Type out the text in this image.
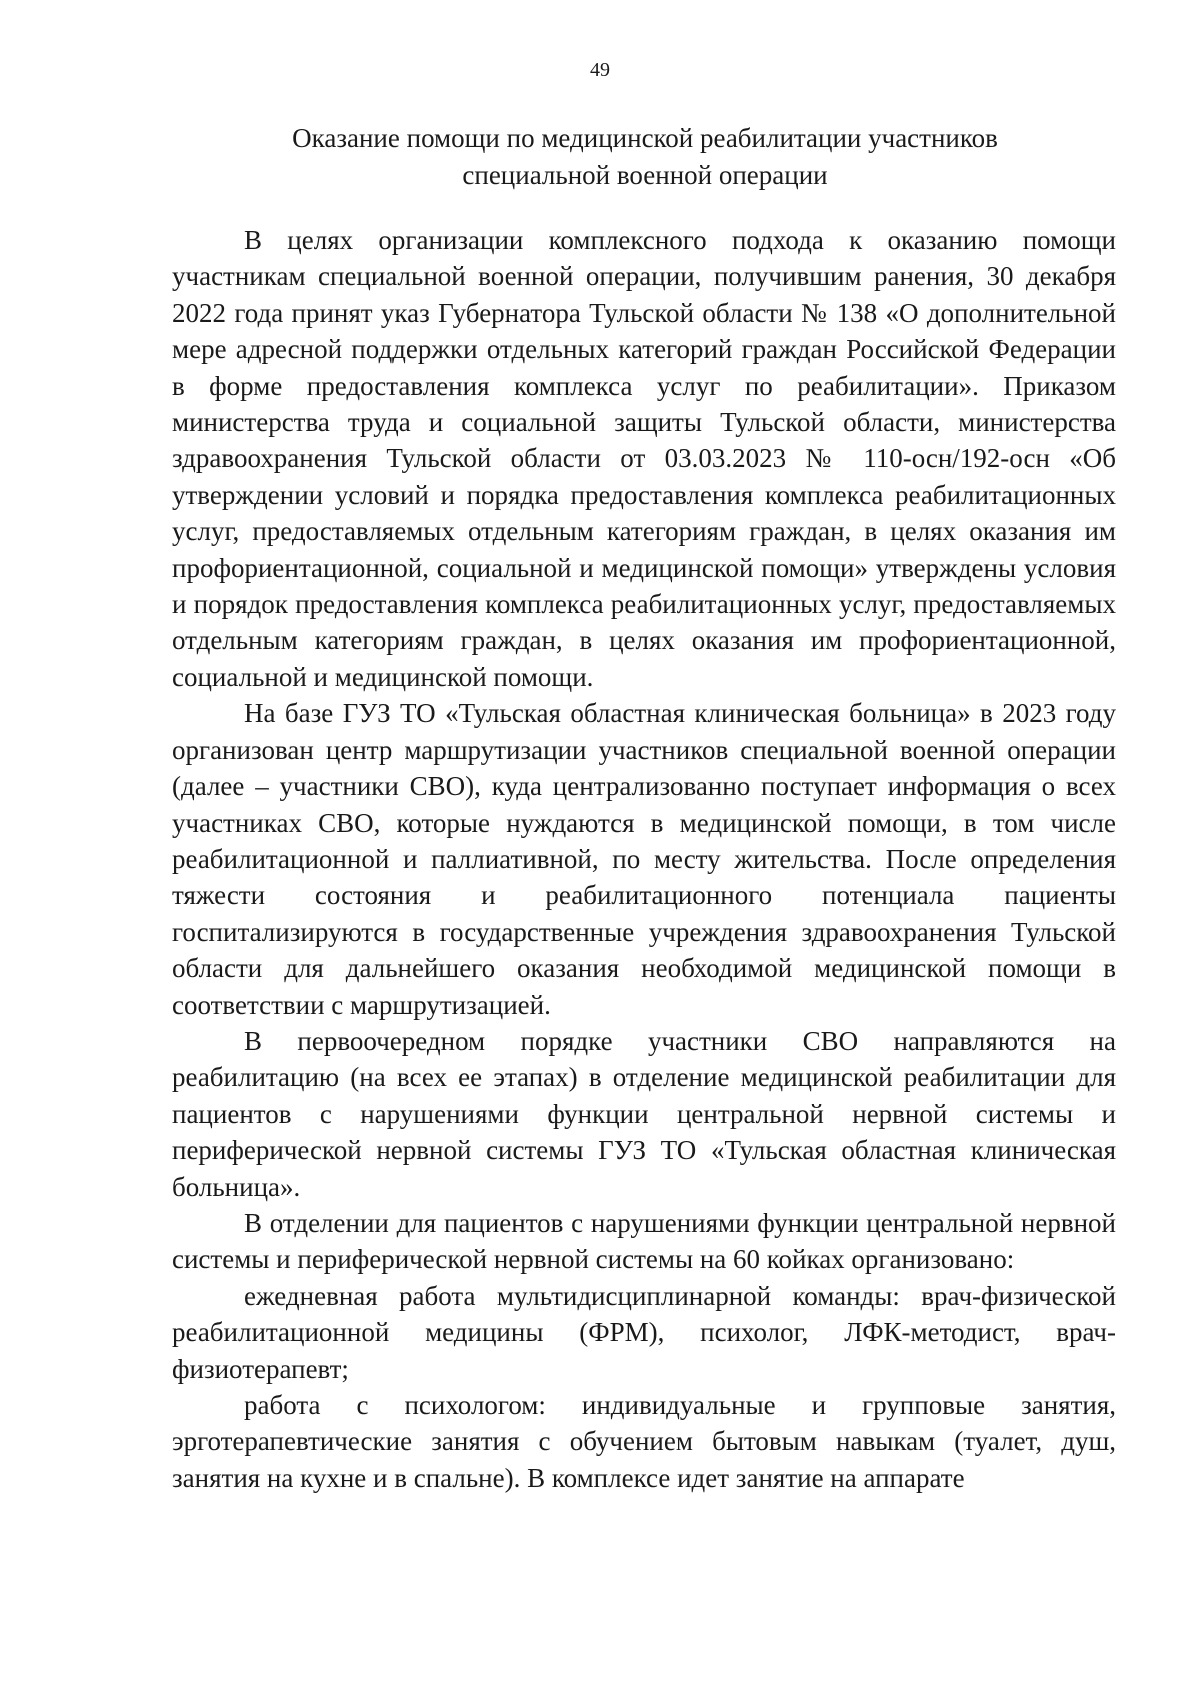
49
Оказание помощи по медицинской реабилитации участников
специальной военной операции

В целях организации комплексного подхода к оказанию помощи участникам специальной военной операции, получившим ранения, 30 декабря 2022 года принят указ Губернатора Тульской области № 138 «О дополнительной мере адресной поддержки отдельных категорий граждан Российской Федерации в форме предоставления комплекса услуг по реабилитации». Приказом министерства труда и социальной защиты Тульской области, министерства здравоохранения Тульской области от 03.03.2023 № 110-осн/192-осн «Об утверждении условий и порядка предоставления комплекса реабилитационных услуг, предоставляемых отдельным категориям граждан, в целях оказания им профориентационной, социальной и медицинской помощи» утверждены условия и порядок предоставления комплекса реабилитационных услуг, предоставляемых отдельным категориям граждан, в целях оказания им профориентационной, социальной и медицинской помощи.

На базе ГУЗ ТО «Тульская областная клиническая больница» в 2023 году организован центр маршрутизации участников специальной военной операции (далее – участники СВО), куда централизованно поступает информация о всех участниках СВО, которые нуждаются в медицинской помощи, в том числе реабилитационной и паллиативной, по месту жительства. После определения тяжести состояния и реабилитационного потенциала пациенты госпитализируются в государственные учреждения здравоохранения Тульской области для дальнейшего оказания необходимой медицинской помощи в соответствии с маршрутизацией.

В первоочередном порядке участники СВО направляются на реабилитацию (на всех ее этапах) в отделение медицинской реабилитации для пациентов с нарушениями функции центральной нервной системы и периферической нервной системы ГУЗ ТО «Тульская областная клиническая больница».

В отделении для пациентов с нарушениями функции центральной нервной системы и периферической нервной системы на 60 койках организовано:

ежедневная работа мультидисциплинарной команды: врач-физической реабилитационной медицины (ФРМ), психолог, ЛФК-методист, врач-физиотерапевт;

работа с психологом: индивидуальные и групповые занятия, эрготерапевтические занятия с обучением бытовым навыкам (туалет, душ, занятия на кухне и в спальне). В комплексе идет занятие на аппарате
